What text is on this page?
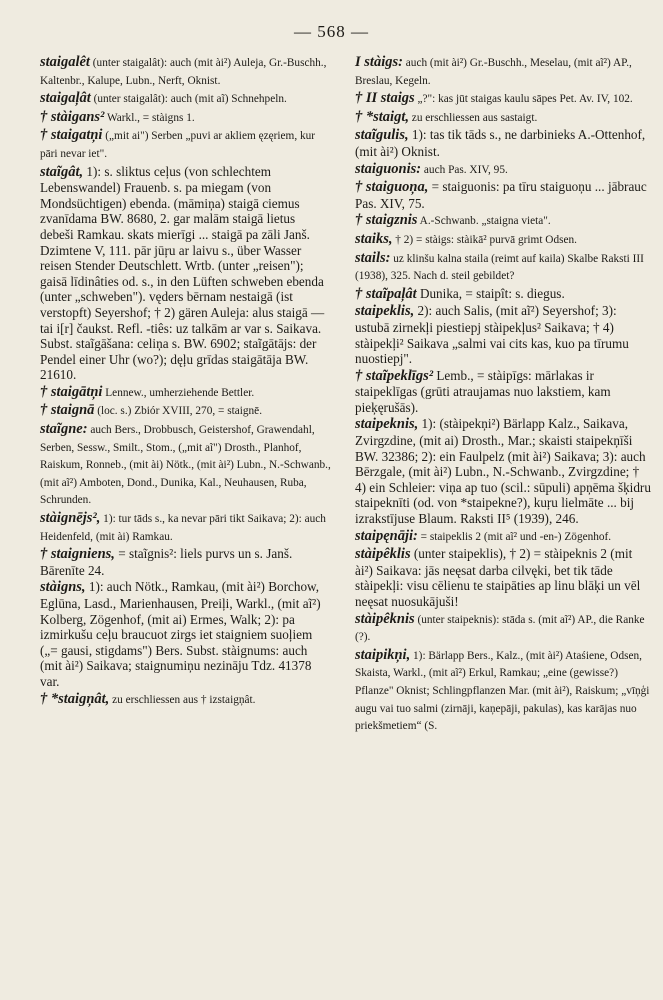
— 568 —
staigalêt (unter staigalât): auch (mit ài²) Auleja, Gr.-Buschh., Kaltenbr., Kalupe, Lubn., Nerft, Oknist.
staigaļât (unter staigalât): auch (mit aĩ) Schnehpeln.
† stàigans² Warkl., = stàigns 1.
† staigatņi („mit ai") Serben „puvi ar akliem ęzęriem, kur pāri nevar iet".
staĩgât, 1): s. sliktus ceļus (von schlechtem Lebenswandel) Frauenb. s. pa miegam (von Mondsüchtigen) ebenda. (māmiņa) staigā ciemus zvanīdama BW. 8680, 2. gar malām staigā lietus debeši Ramkau. skats mierīgi ... staigā pa zāli Janš. Dzimtene V, 111. pār jūŗu ar laivu s., über Wasser reisen Stender Deutschlett. Wrtb. (unter „reisen"); gaisā līdinâties od. s., in den Lüften schweben ebenda (unter „schweben"). vęders bērnam nestaigā (ist verstopft) Seyershof; † 2) gären Auleja: alus staigā — tai i[r] čaukst. Refl. -tiês: uz talkām ar var s. Saikava. Subst. staĩgāšana: celiņa s. BW. 6902; staĩgātājs: der Pendel einer Uhr (wo?); dęļu grīdas staigātāja BW. 21610.
† staigātņi Lennew., umherziehende Bettler.
† staignā (loc. s.) Zbiór XVIII, 270, = staignē.
staĩgne: auch Bers., Drobbusch, Geistershof, Grawendahl, Serben, Sessw., Smilt., Stom., („mit aĩ") Drosth., Planhof, Raiskum, Ronneb., (mit ài) Nötk., (mit ài²) Lubn., N.-Schwanb., (mit aĩ²) Amboten, Dond., Dunika, Kal., Neuhausen, Ruba, Schrunden.
stàignējs², 1): tur tāds s., ka nevar pāri tikt Saikava; 2): auch Heidenfeld, (mit ài) Ramkau.
† staigniens, = staĩgnis²: liels purvs un s. Janš. Bārenīte 24.
stàigns, 1): auch Nötk., Ramkau, (mit ài²) Borchow, Eglūna, Lasd., Marienhausen, Preiļi, Warkl., (mit aĩ²) Kolberg, Zögenhof, (mit ai) Ermes, Walk; 2): pa izmirkušu ceļu braucuot zirgs iet staigniem suoļiem („= gausi, stigdams") Bers. Subst. stàignums: auch (mit ài²) Saikava; staignumiņu nezināju Tdz. 41378 var.
† *staigņât, zu erschliessen aus † izstaigņât.
I stàigs: auch (mit ài²) Gr.-Buschh., Meselau, (mit aĩ²) AP., Breslau, Kegeln.
† II staigs „?": kas jūt staigas kaulu sāpes Pet. Av. IV, 102.
† *staigt, zu erschliessen aus sastaigt.
staĩgulis, 1): tas tik tāds s., ne darbinieks A.-Ottenhof, (mit ài²) Oknist.
staiguonis: auch Pas. XIV, 95.
† staiguoņa, = staiguonis: pa tīru staiguoņu ... jābrauc Pas. XIV, 75.
† staigznis A.-Schwanb. „staigna vieta".
staiks, † 2) = stàigs: stàikā² purvā grimt Odsen.
stails: uz klinšu kalna staila (reimt auf kaila) Skalbe Raksti III (1938), 325. Nach d. steil gebildet?
† staĩpaļât Dunika, = staipît: s. diegus.
staipeklis, 2): auch Salis, (mit aĩ²) Seyershof; 3): ustubā zirnekļi piestiepj stàipekļus² Saikava; † 4) stàipekļi² Saikava „salmi vai cits kas, kuo pa tīrumu nuostiepj".
† staĩpeklīgs² Lemb., = stàipīgs: mārlakas ir staipeklīgas (grūti atraujamas nuo lakstiem, kam pieķęrušās).
staipeknis, 1): (stàipekņi²) Bärlapp Kalz., Saikava, Zvirgzdine, (mit ai) Drosth., Mar.; skaisti staipekņīši BW. 32386; 2): ein Faulpelz (mit ài²) Saikava; 3): auch Bērzgale, (mit ài²) Lubn., N.-Schwanb., Zvirgzdine; † 4) ein Schleier: viņa ap tuo (scil.: sūpuli) apņēma šķidru staipeknīti (od. von *staipekne?), kuŗu lielmāte ... bij izrakstījuse Blaum. Raksti II⁵ (1939), 246.
staipęnāji: = staipeklis 2 (mit aĩ² und -en-) Zögenhof.
stàipêklis (unter staipeklis), † 2) = stàipeknis 2 (mit ài²) Saikava: jās neęsat darba cilvęki, bet tik tāde stàipekļi: visu cēlienu te staipāties ap linu blāķi un vēl neęsat nuosukājuši!
stàipêknis (unter staipeknis): stāda s. (mit aĩ²) AP., die Ranke (?).
staipikņi, 1): Bärlapp Bers., Kalz., (mit ài²) Ataśiene, Odsen, Skaista, Warkl., (mit aĩ²) Erkul, Ramkau; „eine (gewisse?) Pflanze" Oknist; Schlingpflanzen Mar. (mit ài²), Raiskum; „vīņģi augu vai tuo salmi (zirnāji, kaņepāji, pakulas), kas karājas nuo priekšmetiem“ (S.
